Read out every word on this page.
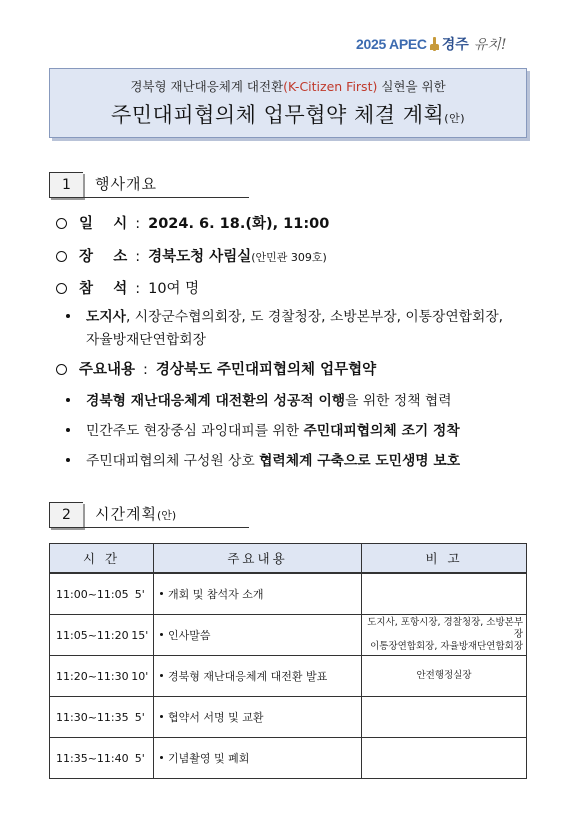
2025 APEC 경주 유치!
경북형 재난대응체계 대전환(K-Citizen First) 실현을 위한
주민대피협의체 업무협약 체결 계획(안)
1	행사개요
일    시 : 2024. 6. 18.(화), 11:00
장    소 : 경북도청 사림실(안민관 309호)
참    석 : 10여 명
도지사, 시장군수협의회장, 도 경찰청장, 소방본부장, 이통장연합회장,
자율방재단연합회장
주요내용 : 경상북도 주민대피협의체 업무협약
경북형 재난대응체계 대전환의 성공적 이행을 위한 정책 협력
민간주도 현장중심 과잉대피를 위한 주민대피협의체 조기 정착
주민대피협의체 구성원 상호 협력체계 구축으로 도민생명 보호
2	시간계획(안)
시 간		주요내용	비 고
11:00~11:05	5'	개회 및 참석자 소개	

11:05~11:20	15'	인사말씀	도지사, 포항시장, 경찰청장, 소방본부장
이통장연합회장, 자율방재단연합회장

11:20~11:30	10'	경북형 재난대응체계 대전환 발표	안전행정실장

11:30~11:35	5'	협약서 서명 및 교환	

11:35~11:40	5'	기념촬영 및 폐회	
